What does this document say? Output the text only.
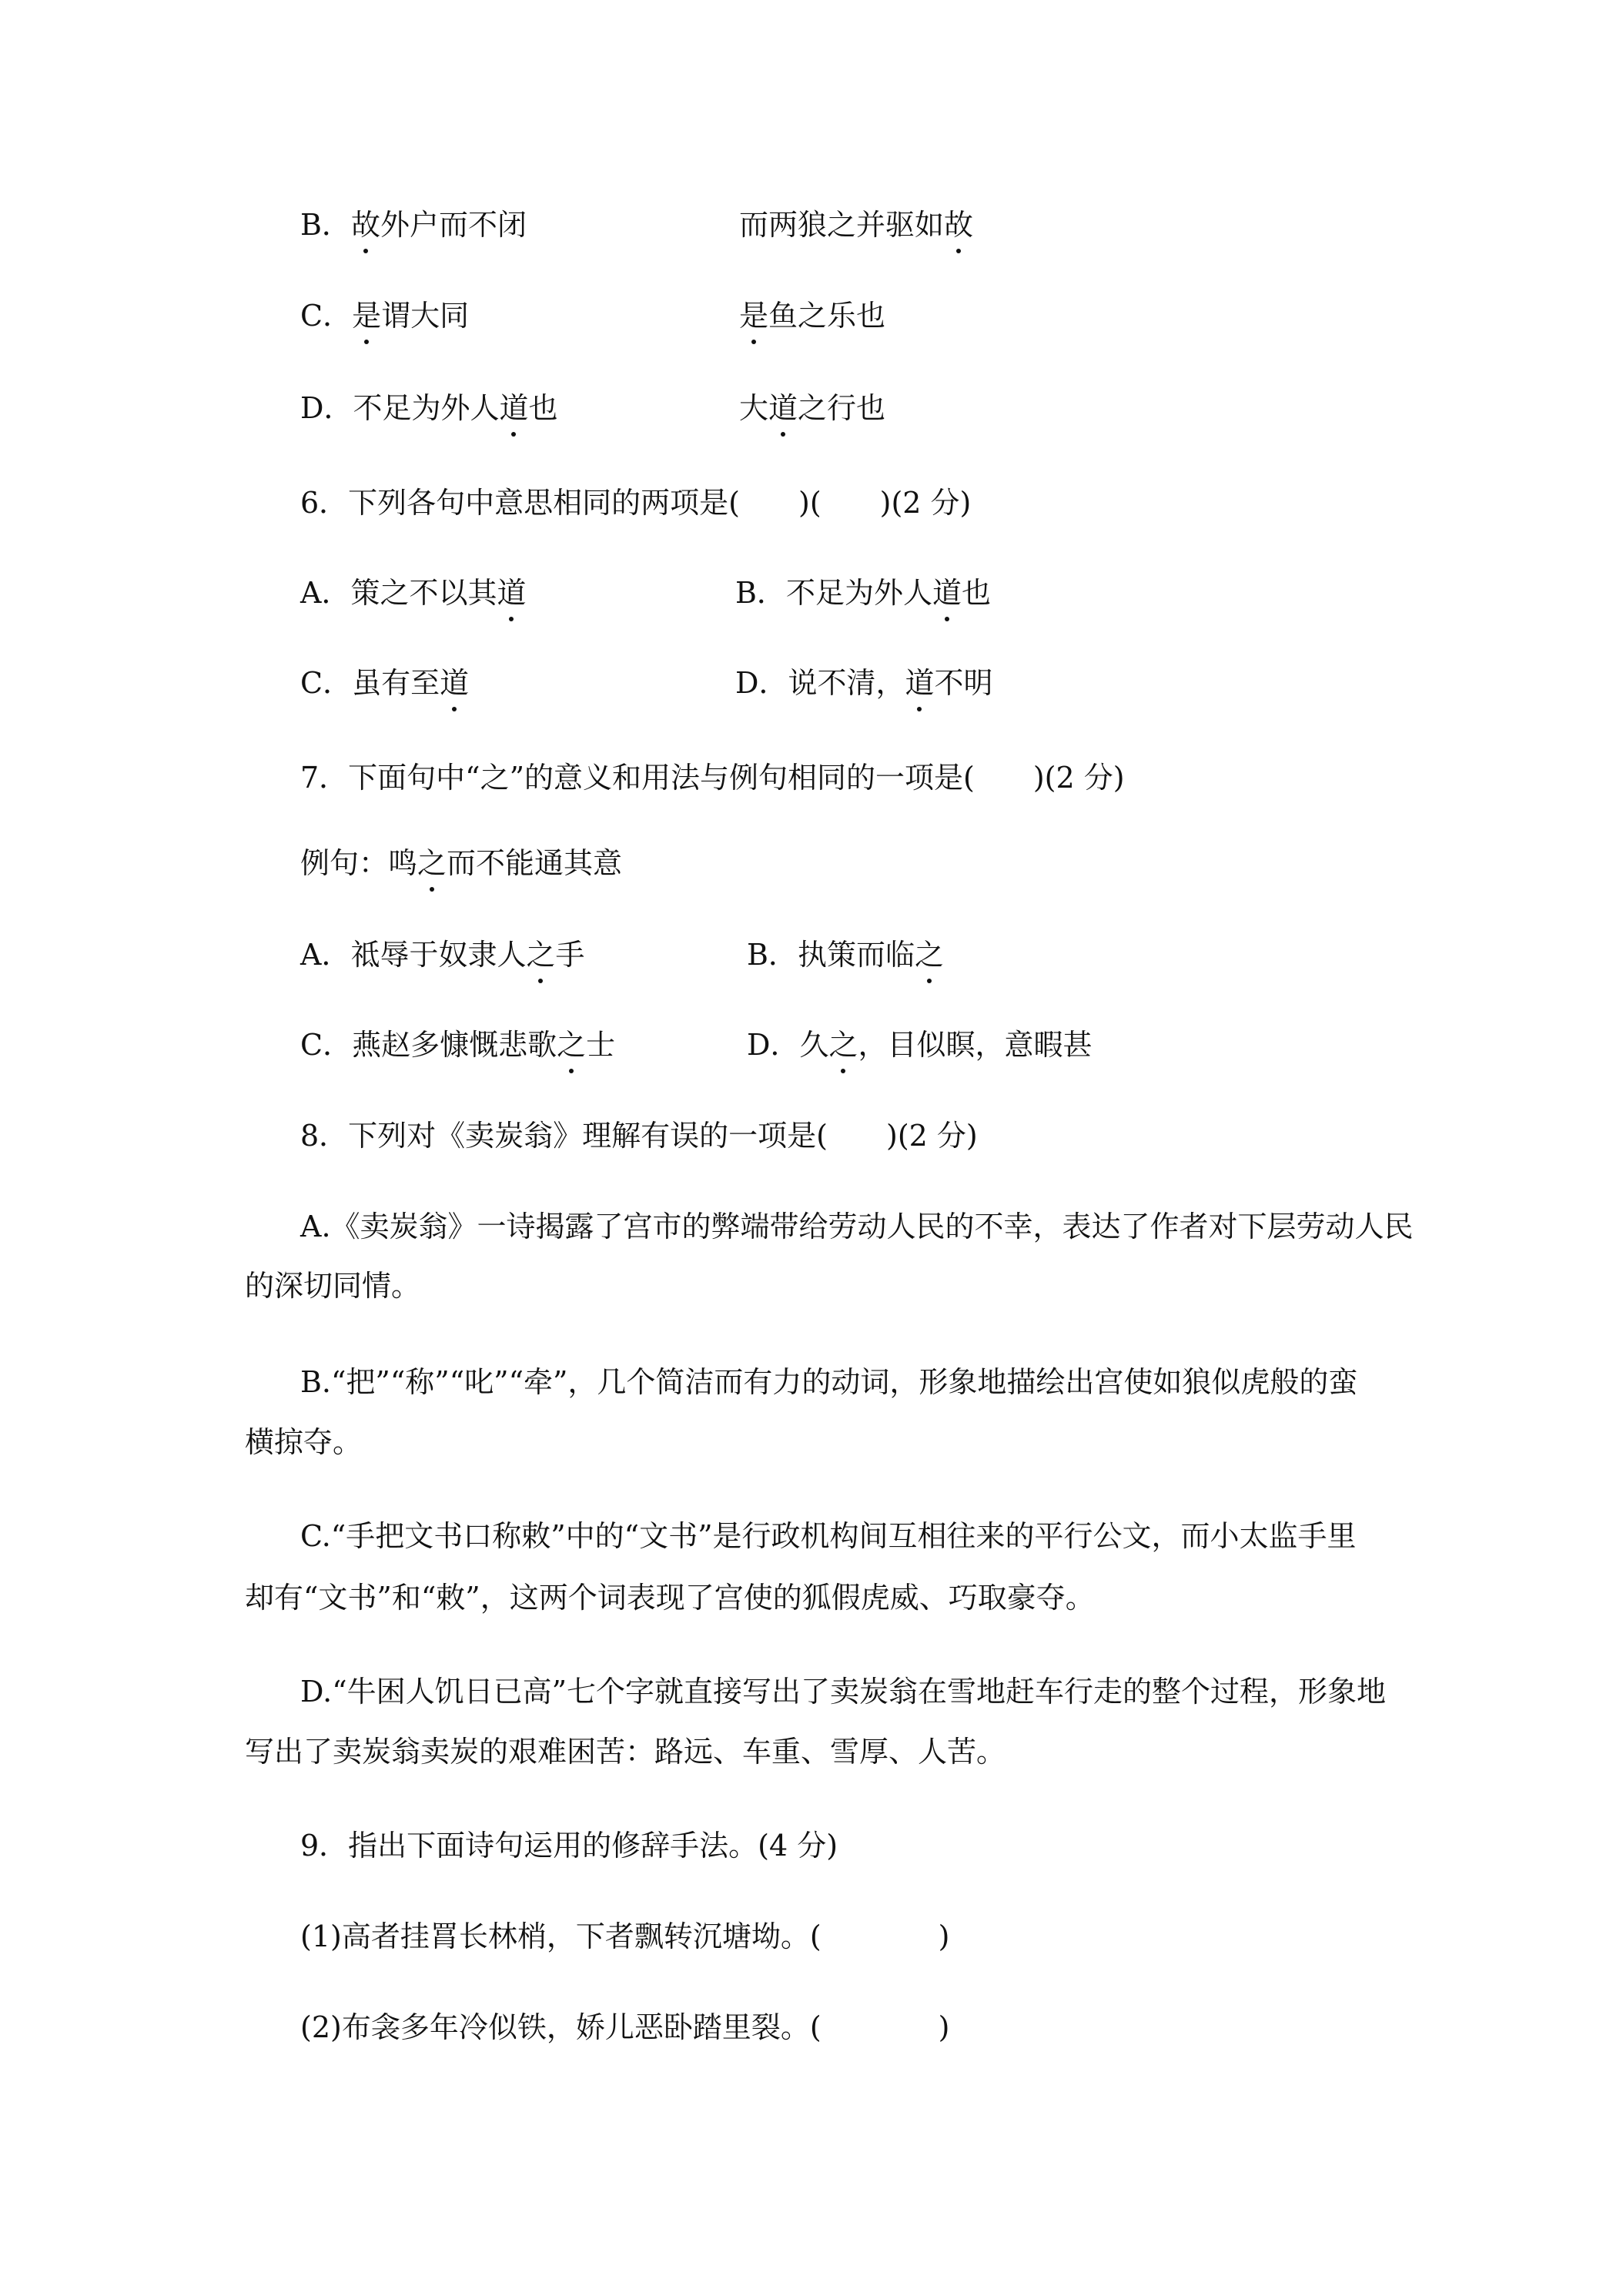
B．故外户而不闭	而两狼之并驱如故
C．是谓大同	是鱼之乐也
D．不足为外人道也	大道之行也
6．下列各句中意思相同的两项是(　　)(　　)(2 分)
A．策之不以其道	B．不足为外人道也
C．虽有至道	D．说不清，道不明
7．下面句中“之”的意义和用法与例句相同的一项是(　　)(2 分)
例句：鸣之而不能通其意
A．祗辱于奴隶人之手	B．执策而临之
C．燕赵多慷慨悲歌之士	D．久之，目似瞑，意暇甚
8．下列对《卖炭翁》理解有误的一项是(　　)(2 分)
A.《卖炭翁》一诗揭露了宫市的弊端带给劳动人民的不幸，表达了作者对下层劳动人民
的深切同情。
B.“把”“称”“叱”“牵”，几个简洁而有力的动词，形象地描绘出宫使如狼似虎般的蛮
横掠夺。
C.“手把文书口称敕”中的“文书”是行政机构间互相往来的平行公文，而小太监手里
却有“文书”和“敕”，这两个词表现了宫使的狐假虎威、巧取豪夺。
D.“牛困人饥日已高”七个字就直接写出了卖炭翁在雪地赶车行走的整个过程，形象地
写出了卖炭翁卖炭的艰难困苦：路远、车重、雪厚、人苦。
9．指出下面诗句运用的修辞手法。(4 分)
(1)高者挂罥长林梢，下者飘转沉塘坳。(　　　　)
(2)布衾多年冷似铁，娇儿恶卧踏里裂。(　　　　)
